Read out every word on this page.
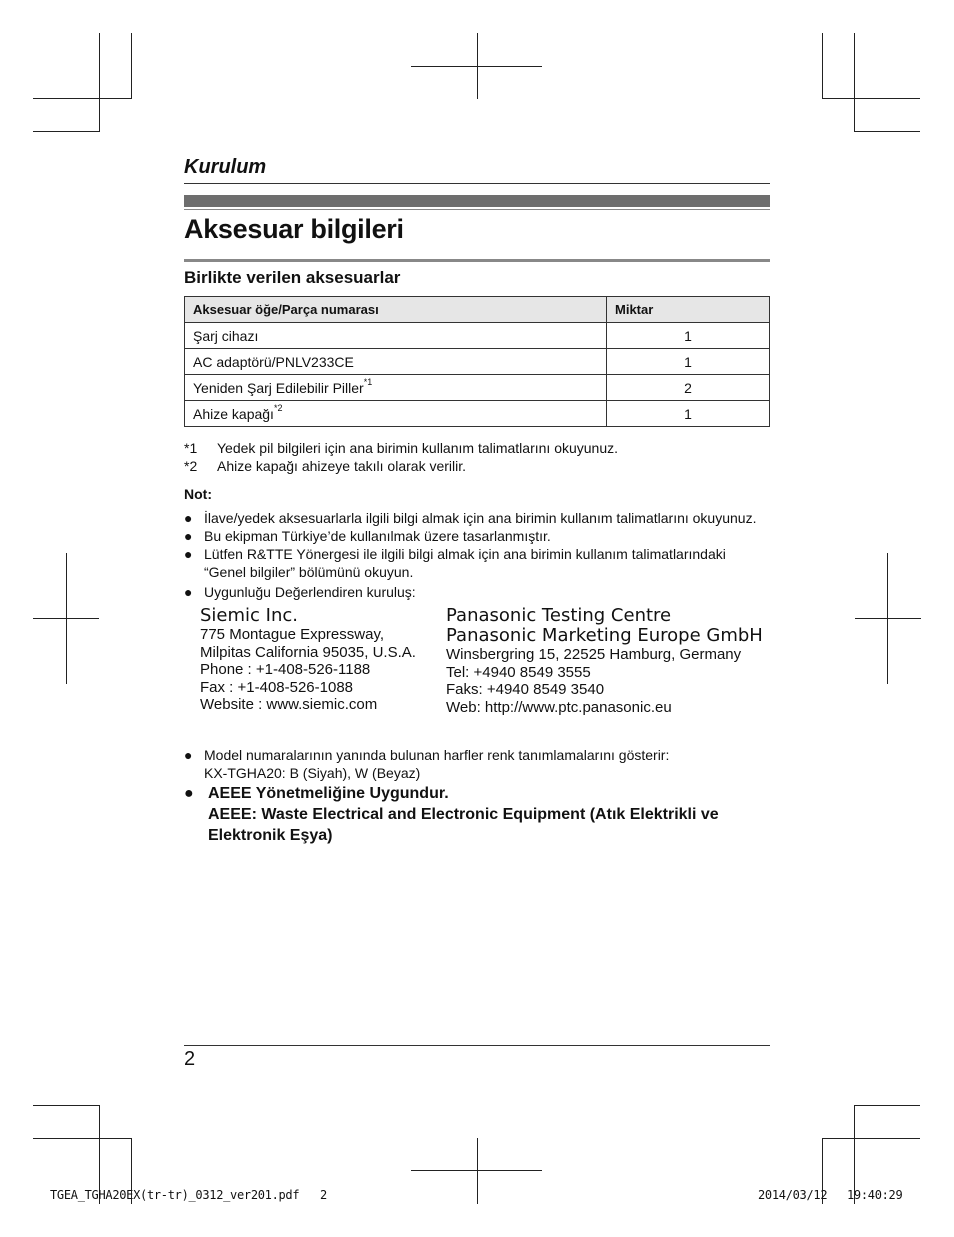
Kurulum
Aksesuar bilgileri
Birlikte verilen aksesuarlar
Aksesuar öğe/Parça numarası	Miktar
Şarj cihazı	1
AC adaptörü/PNLV233CE	1
Yeniden Şarj Edilebilir Piller$^{*1}$	2
Ahize kapağı$^{*2}$	1
*1 Yedek pil bilgileri için ana birimin kullanım talimatlarını okuyunuz.
*2 Ahize kapağı ahizeye takılı olarak verilir.
Not:
● İlave/yedek aksesuarlarla ilgili bilgi almak için ana birimin kullanım talimatlarını okuyunuz.
● Bu ekipman Türkiye’de kullanılmak üzere tasarlanmıştır.
● Lütfen R&TTE Yönergesi ile ilgili bilgi almak için ana birimin kullanım talimatlarındaki
“Genel bilgiler” bölümünü okuyun.
● Uygunluğu Değerlendiren kuruluş:
Siemic Inc.
775 Montague Expressway,
Milpitas California 95035, U.S.A.
Phone : +1-408-526-1188
Fax : +1-408-526-1088
Website : www.siemic.com
Panasonic Testing Centre
Panasonic Marketing Europe GmbH
Winsbergring 15, 22525 Hamburg, Germany
Tel: +4940 8549 3555
Faks: +4940 8549 3540
Web: http://www.ptc.panasonic.eu
● Model numaralarının yanında bulunan harfler renk tanımlamalarını gösterir:
KX-TGHA20: B (Siyah), W (Beyaz)
● AEEE Yönetmeliğine Uygundur.
AEEE: Waste Electrical and Electronic Equipment (Atık Elektrikli ve
Elektronik Eşya)
2
TGEA_TGHA20EX(tr-tr)_0312_ver201.pdf 2	2014/03/12 19:40:29
